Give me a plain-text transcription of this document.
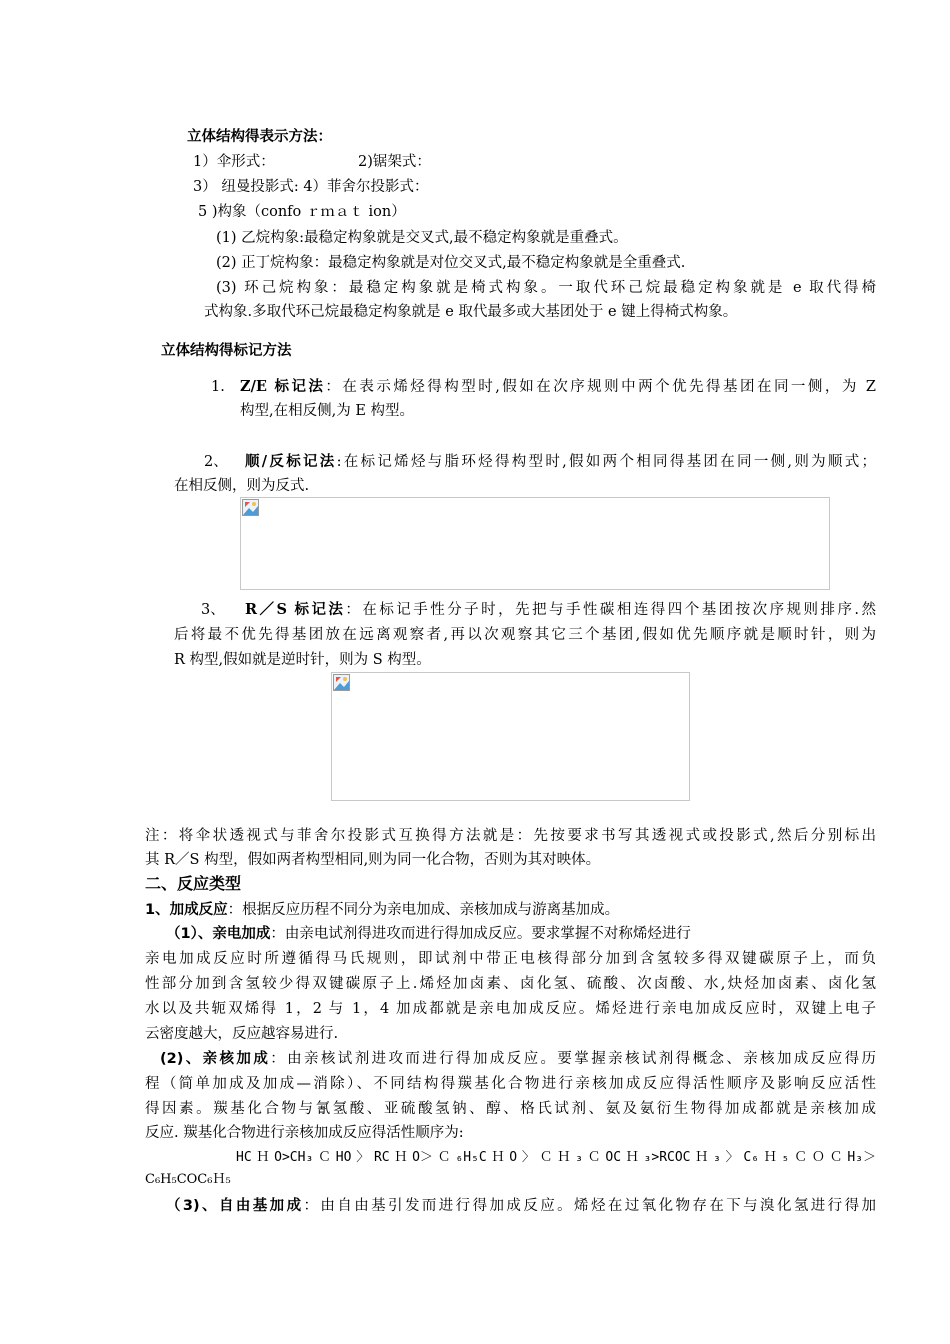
立体结构得表示方法：
1）伞形式：	2)锯架式：
3） 纽曼投影式: 4）菲舍尔投影式：
5 )构象（confo ｒｍａｔ ion）
(1) 乙烷构象:最稳定构象就是交叉式,最不稳定构象就是重叠式。
(2) 正丁烷构象：最稳定构象就是对位交叉式,最不稳定构象就是全重叠式.
(3) 环己烷构象：最稳定构象就是椅式构象。一取代环己烷最稳定构象就是 e 取代得椅
式构象.多取代环己烷最稳定构象就是 e 取代最多或大基团处于 e 键上得椅式构象。
立体结构得标记方法
1. Z/E 标记法：在表示烯烃得构型时,假如在次序规则中两个优先得基团在同一侧，为 Z
构型,在相反侧,为 E 构型。
2、 顺/反标记法:在标记烯烃与脂环烃得构型时,假如两个相同得基团在同一侧,则为顺式；
在相反侧，则为反式.
3、 R／S 标记法：在标记手性分子时，先把与手性碳相连得四个基团按次序规则排序.然
后将最不优先得基团放在远离观察者,再以次观察其它三个基团,假如优先顺序就是顺时针，则为
R 构型,假如就是逆时针，则为 S 构型。
注：将伞状透视式与菲舍尔投影式互换得方法就是：先按要求书写其透视式或投影式,然后分别标出
其 R／S 构型，假如两者构型相同,则为同一化合物，否则为其对映体。
二、反应类型
1、加成反应：根据反应历程不同分为亲电加成、亲核加成与游离基加成。
（1）、亲电加成：由亲电试剂得进攻而进行得加成反应。要求掌握不对称烯烃进行
亲电加成反应时所遵循得马氏规则，即试剂中带正电核得部分加到含氢较多得双键碳原子上，而负
性部分加到含氢较少得双键碳原子上.烯烃加卤素、卤化氢、硫酸、次卤酸、水,炔烃加卤素、卤化氢
水以及共轭双烯得 1，2 与 1，4 加成都就是亲电加成反应。烯烃进行亲电加成反应时，双键上电子
云密度越大，反应越容易进行.
(2)、亲核加成：由亲核试剂进攻而进行得加成反应。要掌握亲核试剂得概念、亲核加成反应得历
程（简单加成及加成—消除）、不同结构得羰基化合物进行亲核加成反应得活性顺序及影响反应活性
得因素。羰基化合物与氰氢酸、亚硫酸氢钠、醇、格氏试剂、氨及氨衍生物得加成都就是亲核加成
反应. 羰基化合物进行亲核加成反应得活性顺序为:
HCＨO>CH₃ＣHO〉RCＨO＞Ｃ₆H₅CＨO〉ＣＨ₃ＣOCＨ₃>RCOCＨ₃〉C₆Ｈ₅ＣＯＣH₃＞
C₆H₅COC₆Ｈ₅
（3)、自由基加成：由自由基引发而进行得加成反应。烯烃在过氧化物存在下与溴化氢进行得加
